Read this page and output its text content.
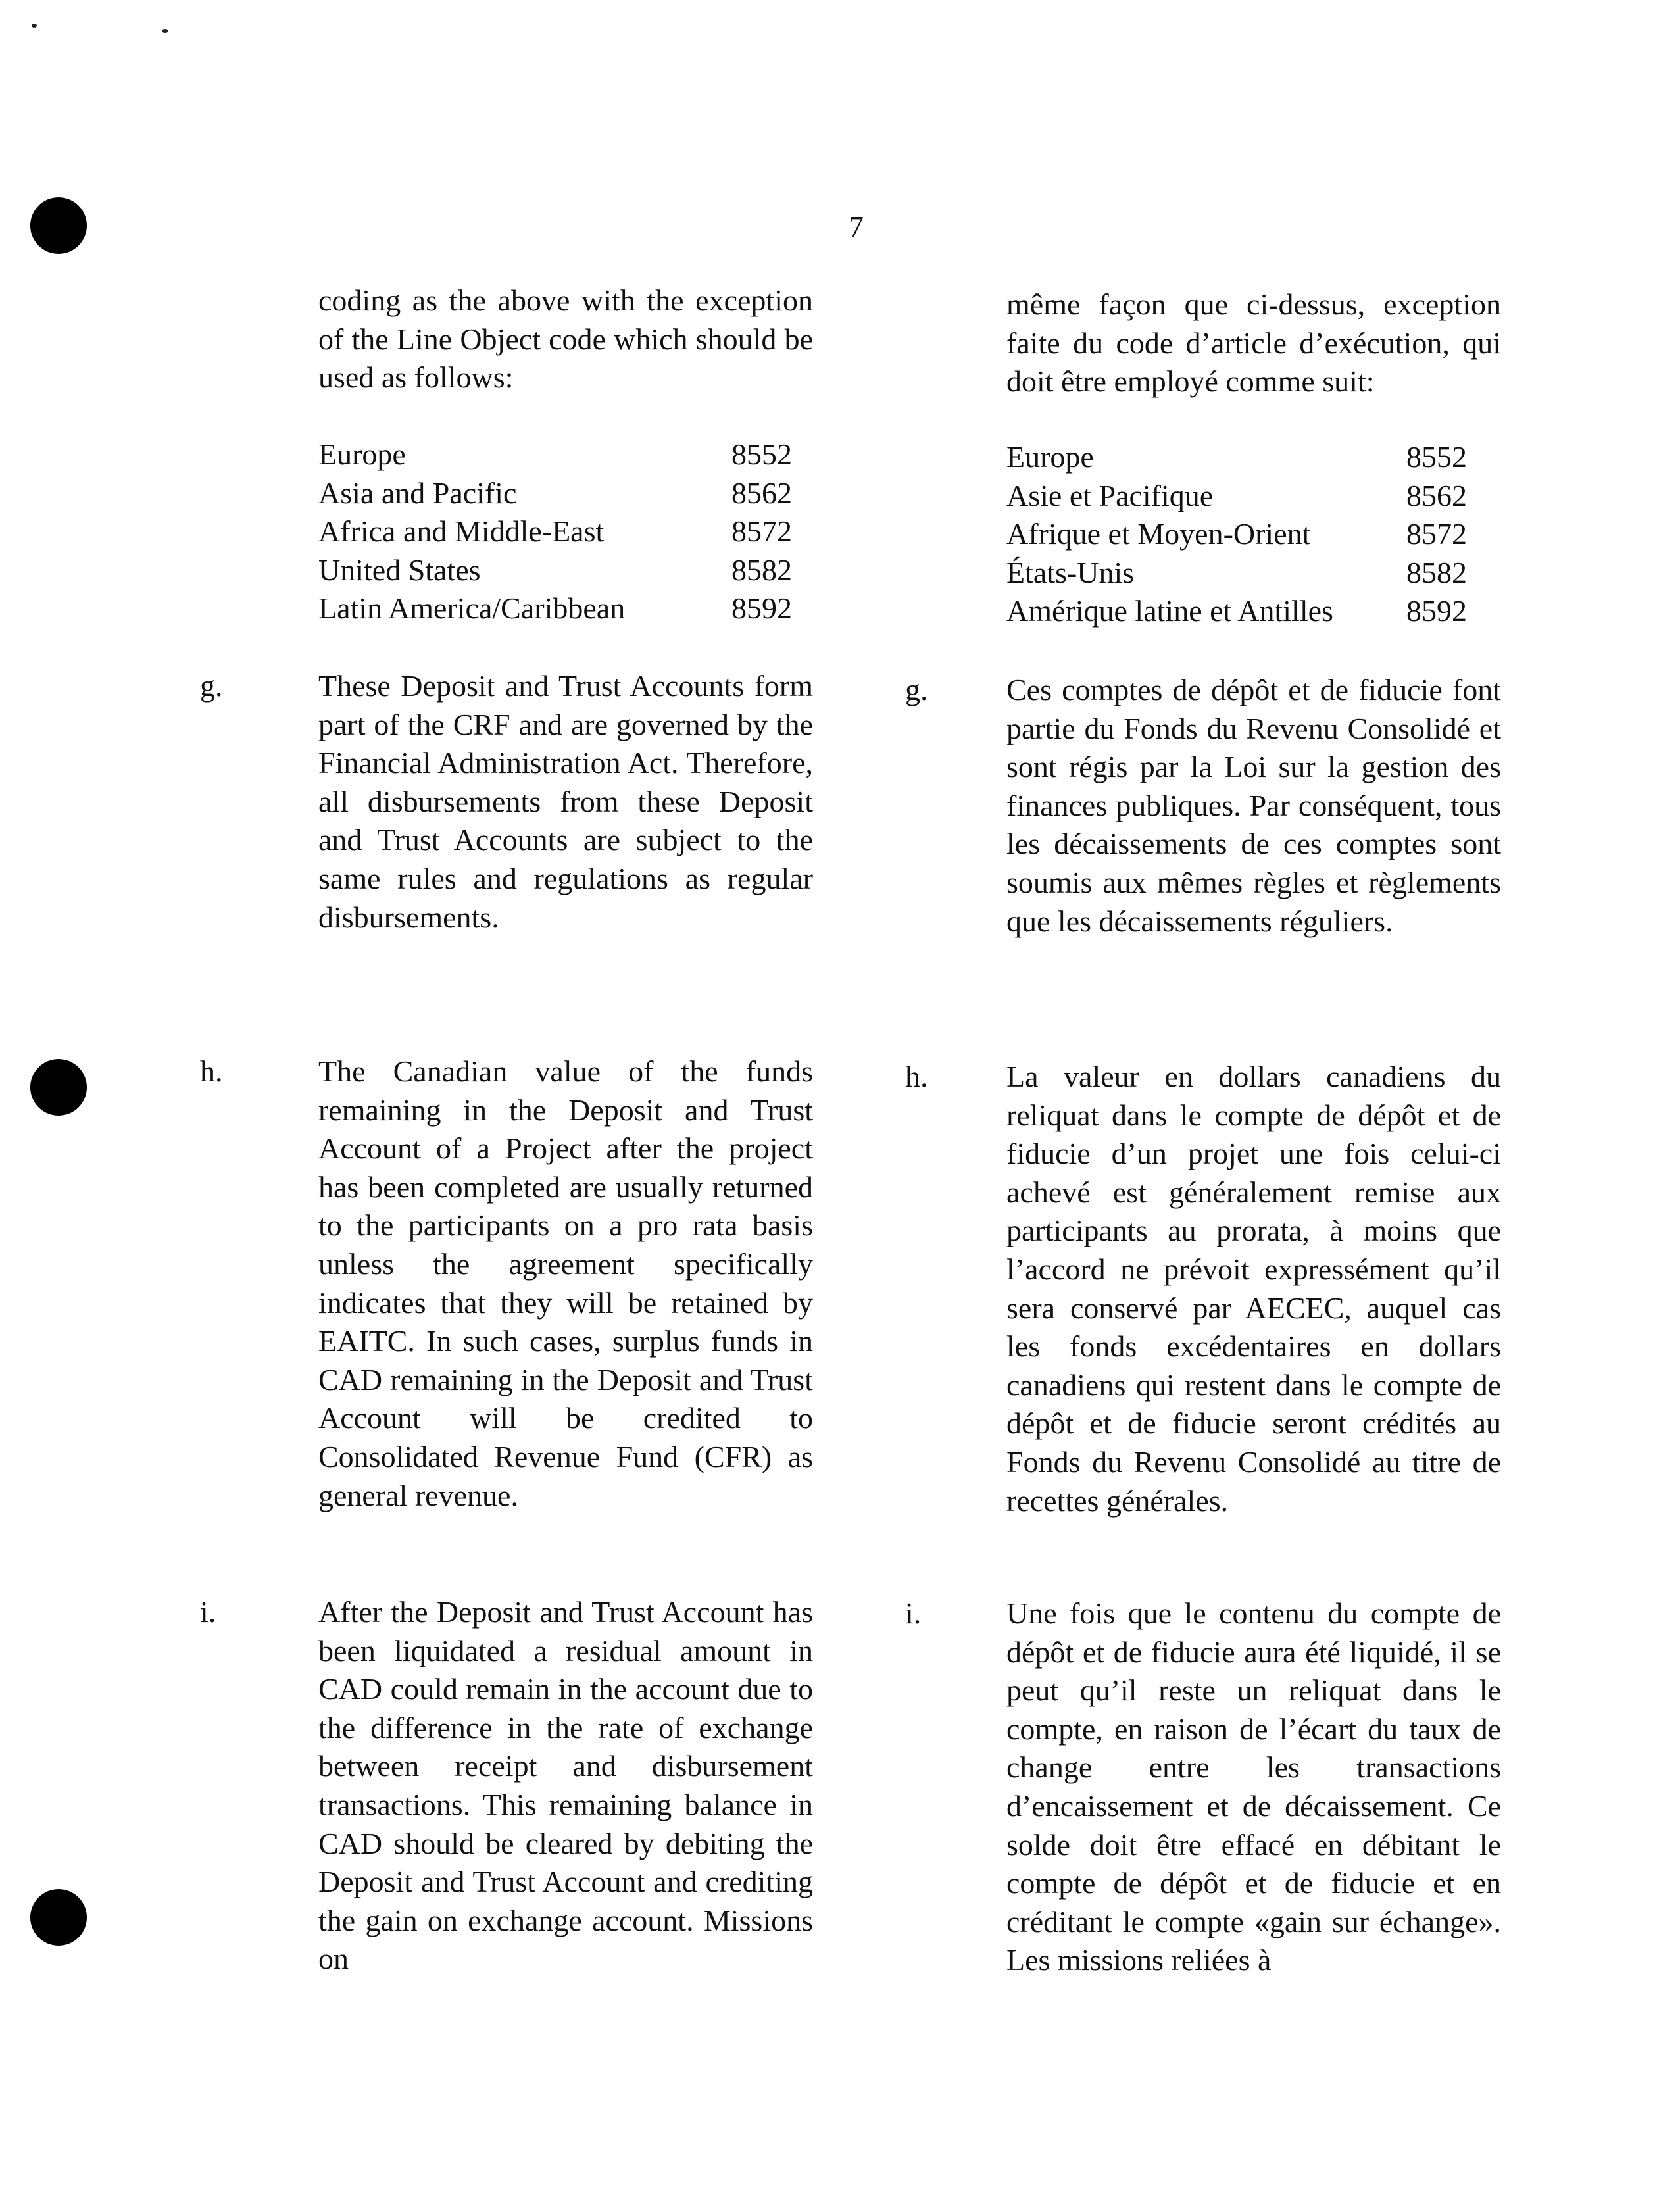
7
coding as the above with the exception of the Line Object code which should be used as follows:
Europe	8552
Asia and Pacific	8562
Africa and Middle-East	8572
United States	8582
Latin America/Caribbean	8592
g.	These Deposit and Trust Accounts form part of the CRF and are governed by the Financial Administration Act. Therefore, all disbursements from these Deposit and Trust Accounts are subject to the same rules and regulations as regular disbursements.
h.	The Canadian value of the funds remaining in the Deposit and Trust Account of a Project after the project has been completed are usually returned to the participants on a pro rata basis unless the agreement specifically indicates that they will be retained by EAITC. In such cases, surplus funds in CAD remaining in the Deposit and Trust Account will be credited to Consolidated Revenue Fund (CFR) as general revenue.
i.	After the Deposit and Trust Account has been liquidated a residual amount in CAD could remain in the account due to the difference in the rate of exchange between receipt and disbursement transactions. This remaining balance in CAD should be cleared by debiting the Deposit and Trust Account and crediting the gain on exchange account. Missions on
même façon que ci-dessus, exception faite du code d’article d’exécution, qui doit être employé comme suit:
Europe	8552
Asie et Pacifique	8562
Afrique et Moyen-Orient	8572
États-Unis	8582
Amérique latine et Antilles 8592
g.	Ces comptes de dépôt et de fiducie font partie du Fonds du Revenu Consolidé et sont régis par la Loi sur la gestion des finances publiques. Par conséquent, tous les décaissements de ces comptes sont soumis aux mêmes règles et règlements que les décaissements réguliers.
h.	La valeur en dollars canadiens du reliquat dans le compte de dépôt et de fiducie d’un projet une fois celui-ci achevé est généralement remise aux participants au prorata, à moins que l’accord ne prévoit expressément qu’il sera conservé par AECEC, auquel cas les fonds excédentaires en dollars canadiens qui restent dans le compte de dépôt et de fiducie seront crédités au Fonds du Revenu Consolidé au titre de recettes générales.
i.	Une fois que le contenu du compte de dépôt et de fiducie aura été liquidé, il se peut qu’il reste un reliquat dans le compte, en raison de l’écart du taux de change entre les transactions d’encaissement et de décaissement. Ce solde doit être effacé en débitant le compte de dépôt et de fiducie et en créditant le compte «gain sur échange». Les missions reliées à
